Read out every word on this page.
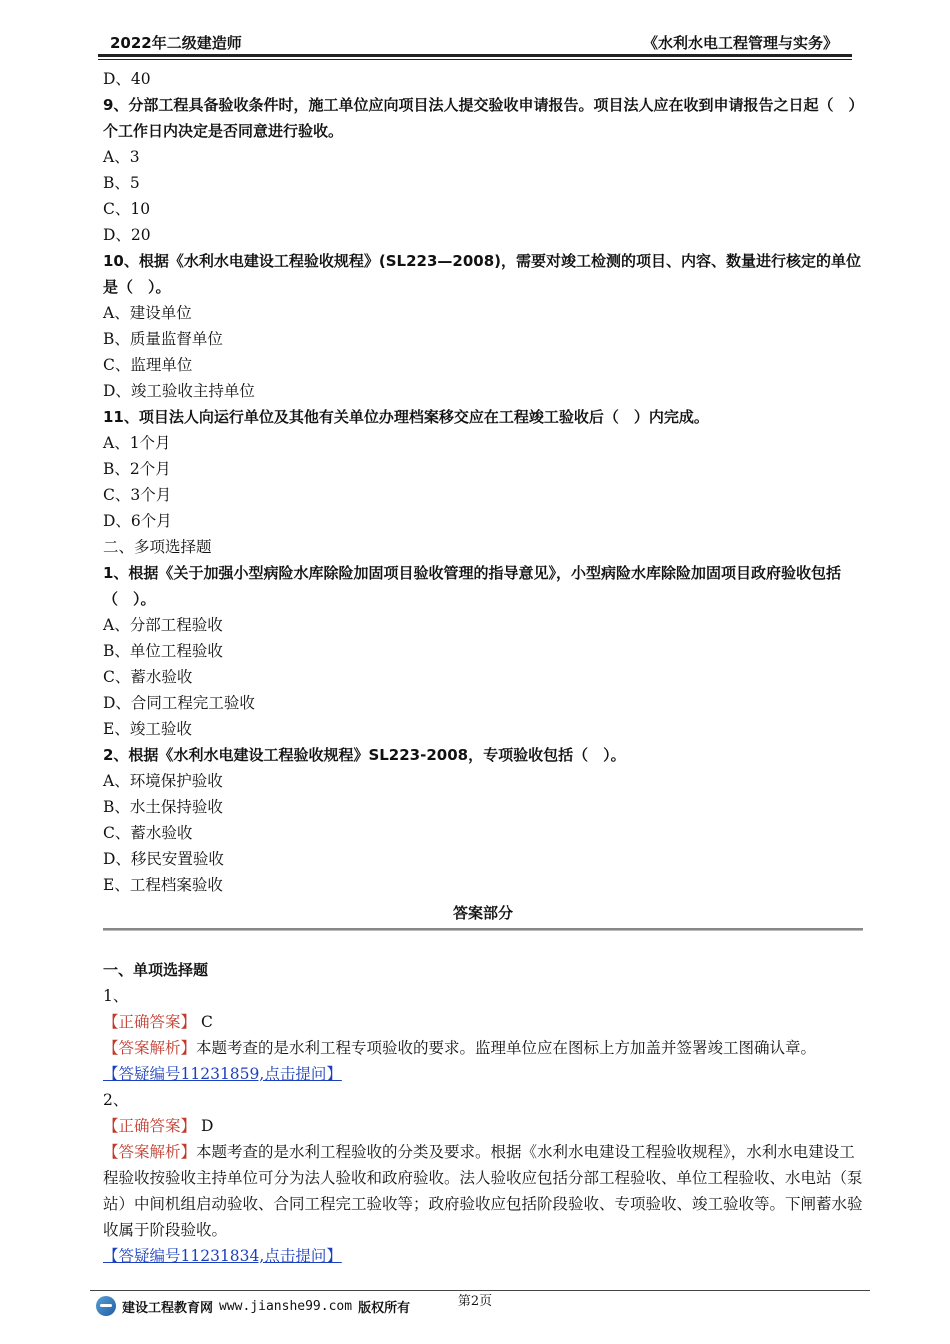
2022年二级建造师	《水利水电工程管理与实务》
D、40
9、分部工程具备验收条件时，施工单位应向项目法人提交验收申请报告。项目法人应在收到申请报告之日起（　）个工作日内决定是否同意进行验收。
A、3
B、5
C、10
D、20
10、根据《水利水电建设工程验收规程》(SL223—2008)，需要对竣工检测的项目、内容、数量进行核定的单位是（　）。
A、建设单位
B、质量监督单位
C、监理单位
D、竣工验收主持单位
11、项目法人向运行单位及其他有关单位办理档案移交应在工程竣工验收后（　）内完成。
A、1个月
B、2个月
C、3个月
D、6个月
二、多项选择题
1、根据《关于加强小型病险水库除险加固项目验收管理的指导意见》，小型病险水库除险加固项目政府验收包括（　）。
A、分部工程验收
B、单位工程验收
C、蓄水验收
D、合同工程完工验收
E、竣工验收
2、根据《水利水电建设工程验收规程》SL223-2008，专项验收包括（　）。
A、环境保护验收
B、水土保持验收
C、蓄水验收
D、移民安置验收
E、工程档案验收
答案部分
一、单项选择题
1、
【正确答案】 C
【答案解析】本题考查的是水利工程专项验收的要求。监理单位应在图标上方加盖并签署竣工图确认章。
【答疑编号11231859,点击提问】
2、
【正确答案】 D
【答案解析】本题考查的是水利工程验收的分类及要求。根据《水利水电建设工程验收规程》，水利水电建设工程验收按验收主持单位可分为法人验收和政府验收。法人验收应包括分部工程验收、单位工程验收、水电站（泵站）中间机组启动验收、合同工程完工验收等；政府验收应包括阶段验收、专项验收、竣工验收等。下闸蓄水验收属于阶段验收。
【答疑编号11231834,点击提问】
第2页
建设工程教育网 www.jianshe99.com 版权所有
